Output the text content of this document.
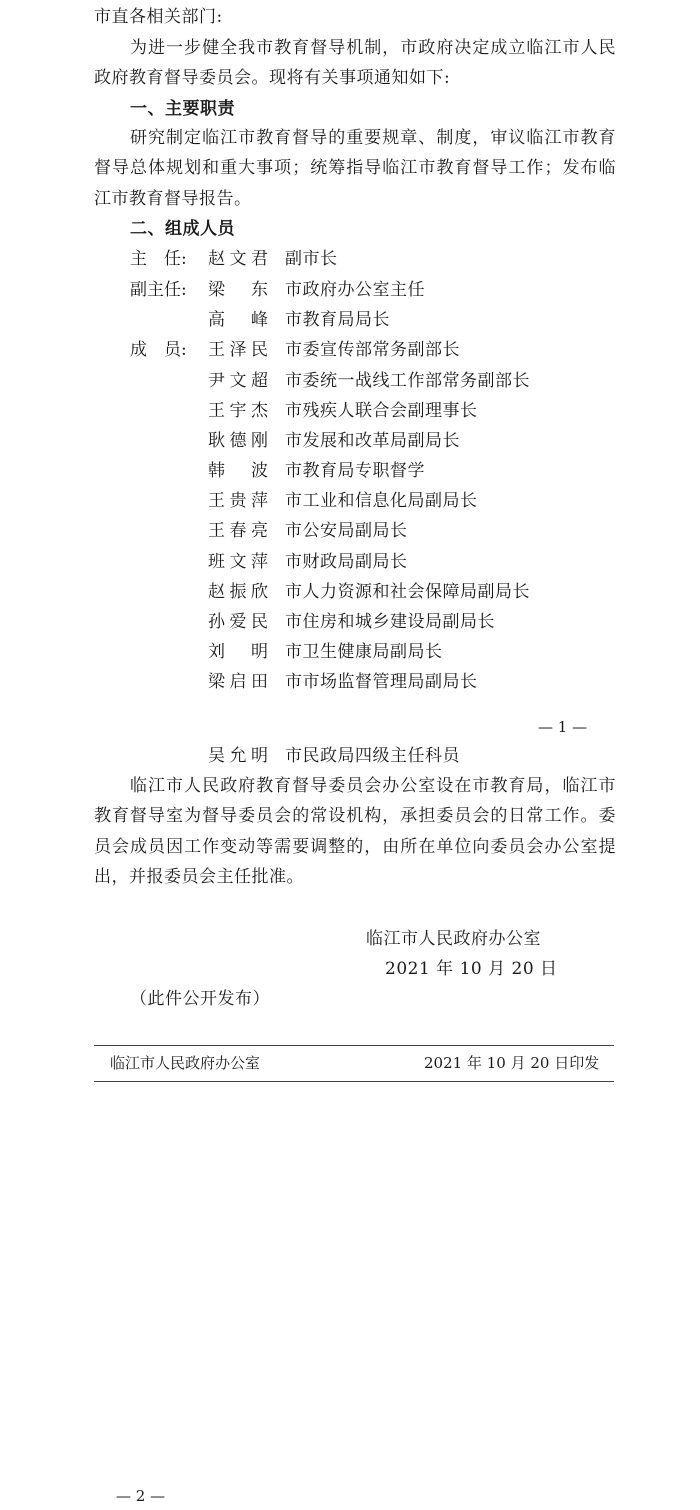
市直各相关部门:
为进一步健全我市教育督导机制，市政府决定成立临江市人民政府教育督导委员会。现将有关事项通知如下:
一、主要职责
研究制定临江市教育督导的重要规章、制度，审议临江市教育督导总体规划和重大事项；统筹指导临江市教育督导工作；发布临江市教育督导报告。
二、组成人员
主　任:	赵文君 副市长
副主任:	梁东 市政府办公室主任
高峰 市教育局局长
成　员:	王泽民 市委宣传部常务副部长
尹文超 市委统一战线工作部常务副部长
王宇杰 市残疾人联合会副理事长
耿德刚 市发展和改革局副局长
韩波 市教育局专职督学
王贵萍 市工业和信息化局副局长
王春亮 市公安局副局长
班文萍 市财政局副局长
赵振欣 市人力资源和社会保障局副局长
孙爱民 市住房和城乡建设局副局长
刘明 市卫生健康局副局长
梁启田 市市场监督管理局副局长
— 1 —
吴允明 市民政局四级主任科员
临江市人民政府教育督导委员会办公室设在市教育局，临江市教育督导室为督导委员会的常设机构，承担委员会的日常工作。委员会成员因工作变动等需要调整的，由所在单位向委员会办公室提出，并报委员会主任批准。
临江市人民政府办公室
2021 年 10 月 20 日
（此件公开发布）
临江市人民政府办公室	2021 年 10 月 20 日印发
— 2 —
